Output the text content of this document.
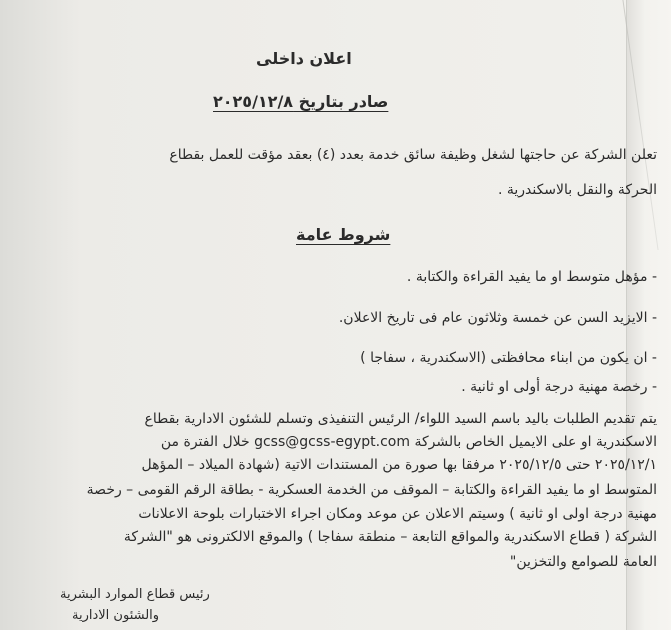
اعلان داخلى
صادر بتاريخ ٢٠٢٥/١٢/٨
تعلن الشركة عن حاجتها لشغل وظيفة سائق خدمة بعدد (٤) بعقد مؤقت للعمل بقطاع
الحركة والنقل بالاسكندرية .
شروط عامة
- مؤهل متوسط او ما يفيد القراءة والكتابة .
- الايزيد السن عن خمسة وثلاثون عام فى تاريخ الاعلان.
- ان يكون من ابناء محافظتى (الاسكندرية ، سفاجا )
- رخصة مهنية درجة أولى او ثانية .
يتم تقديم الطلبات باليد باسم السيد اللواء/ الرئيس التنفيذى وتسلم للشئون الادارية بقطاع
الاسكندرية او على الايميل الخاص بالشركة gcss@gcss-egypt.com خلال الفترة من
٢٠٢٥/١٢/١ حتى ٢٠٢٥/١٢/٥ مرفقا بها صورة من المستندات الاتية (شهادة الميلاد – المؤهل
المتوسط او ما يفيد القراءة والكتابة – الموقف من الخدمة العسكرية - بطاقة الرقم القومى – رخصة
مهنية درجة اولى او ثانية ) وسيتم الاعلان عن موعد ومكان اجراء الاختبارات بلوحة الاعلانات
الشركة ( قطاع الاسكندرية والمواقع التابعة – منطقة سفاجا ) والموقع الالكترونى هو "الشركة
العامة للصوامع والتخزين"
رئيس قطاع الموارد البشرية
والشئون الادارية
